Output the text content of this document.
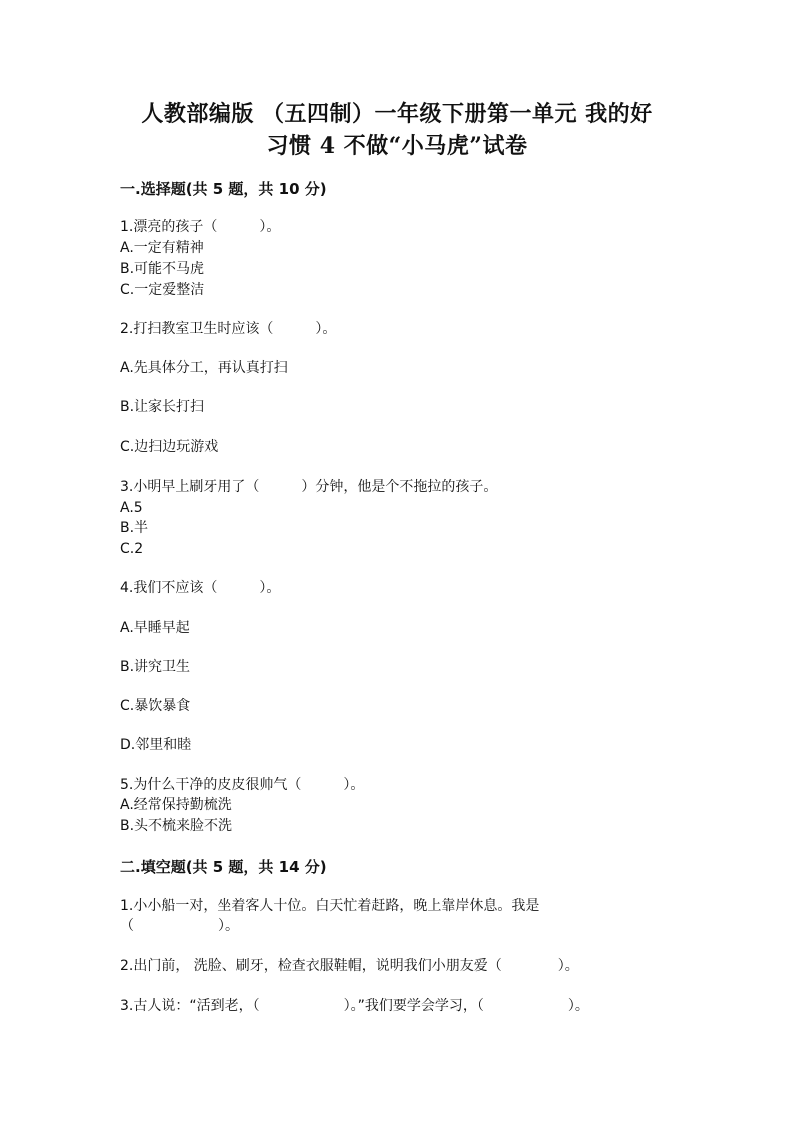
人教部编版 （五四制）一年级下册第一单元 我的好
习惯 4 不做“小马虎”试卷
一.选择题(共 5 题，共 10 分)
1.漂亮的孩子（　　　）。
A.一定有精神
B.可能不马虎
C.一定爱整洁
2.打扫教室卫生时应该（　　　）。
A.先具体分工，再认真打扫
B.让家长打扫
C.边扫边玩游戏
3.小明早上刷牙用了（　　　）分钟，他是个不拖拉的孩子。
A.5
B.半
C.2
4.我们不应该（　　　）。
A.早睡早起
B.讲究卫生
C.暴饮暴食
D.邻里和睦
5.为什么干净的皮皮很帅气（　　　）。
A.经常保持勤梳洗
B.头不梳来脸不洗
二.填空题(共 5 题，共 14 分)
1.小小船一对，坐着客人十位。白天忙着赶路，晚上靠岸休息。我是
（　　　　　　）。
2.出门前， 洗脸、刷牙，检查衣服鞋帽，说明我们小朋友爱（　　　　）。
3.古人说：“活到老，（　　　　　　）。”我们要学会学习，（　　　　　　）。
